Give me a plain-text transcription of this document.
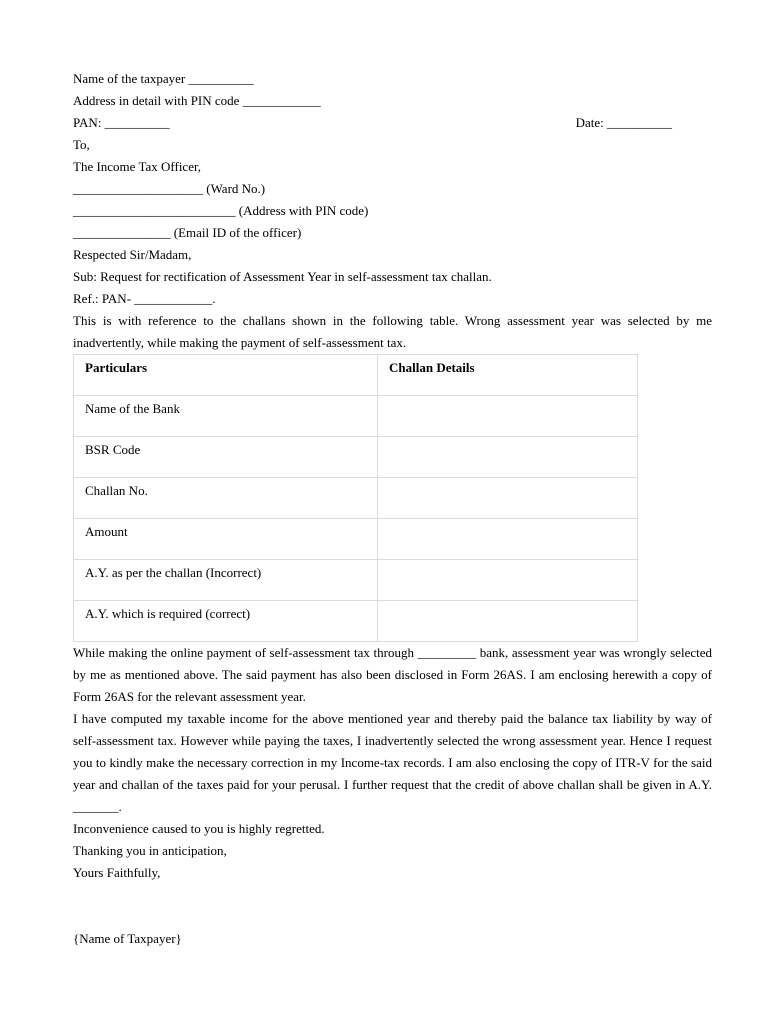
Name of the taxpayer __________
Address in detail with PIN code ____________
PAN: __________	Date: __________
To,
The Income Tax Officer,
____________________ (Ward No.)
_________________________ (Address with PIN code)
_______________ (Email ID of the officer)
Respected Sir/Madam,
Sub: Request for rectification of Assessment Year in self-assessment tax challan.
Ref.: PAN- ____________.
This is with reference to the challans shown in the following table. Wrong assessment year was selected by me inadvertently, while making the payment of self-assessment tax.
Particulars	Challan Details
Name of the Bank	
BSR Code	
Challan No.	
Amount	
A.Y. as per the challan (Incorrect)	
A.Y. which is required (correct)	
While making the online payment of self-assessment tax through _________ bank, assessment year was wrongly selected by me as mentioned above. The said payment has also been disclosed in Form 26AS. I am enclosing herewith a copy of Form 26AS for the relevant assessment year.
I have computed my taxable income for the above mentioned year and thereby paid the balance tax liability by way of self-assessment tax. However while paying the taxes, I inadvertently selected the wrong assessment year. Hence I request you to kindly make the necessary correction in my Income-tax records. I am also enclosing the copy of ITR-V for the said year and challan of the taxes paid for your perusal. I further request that the credit of above challan shall be given in A.Y. _______.
Inconvenience caused to you is highly regretted.
Thanking you in anticipation,
Yours Faithfully,
{Name of Taxpayer}
